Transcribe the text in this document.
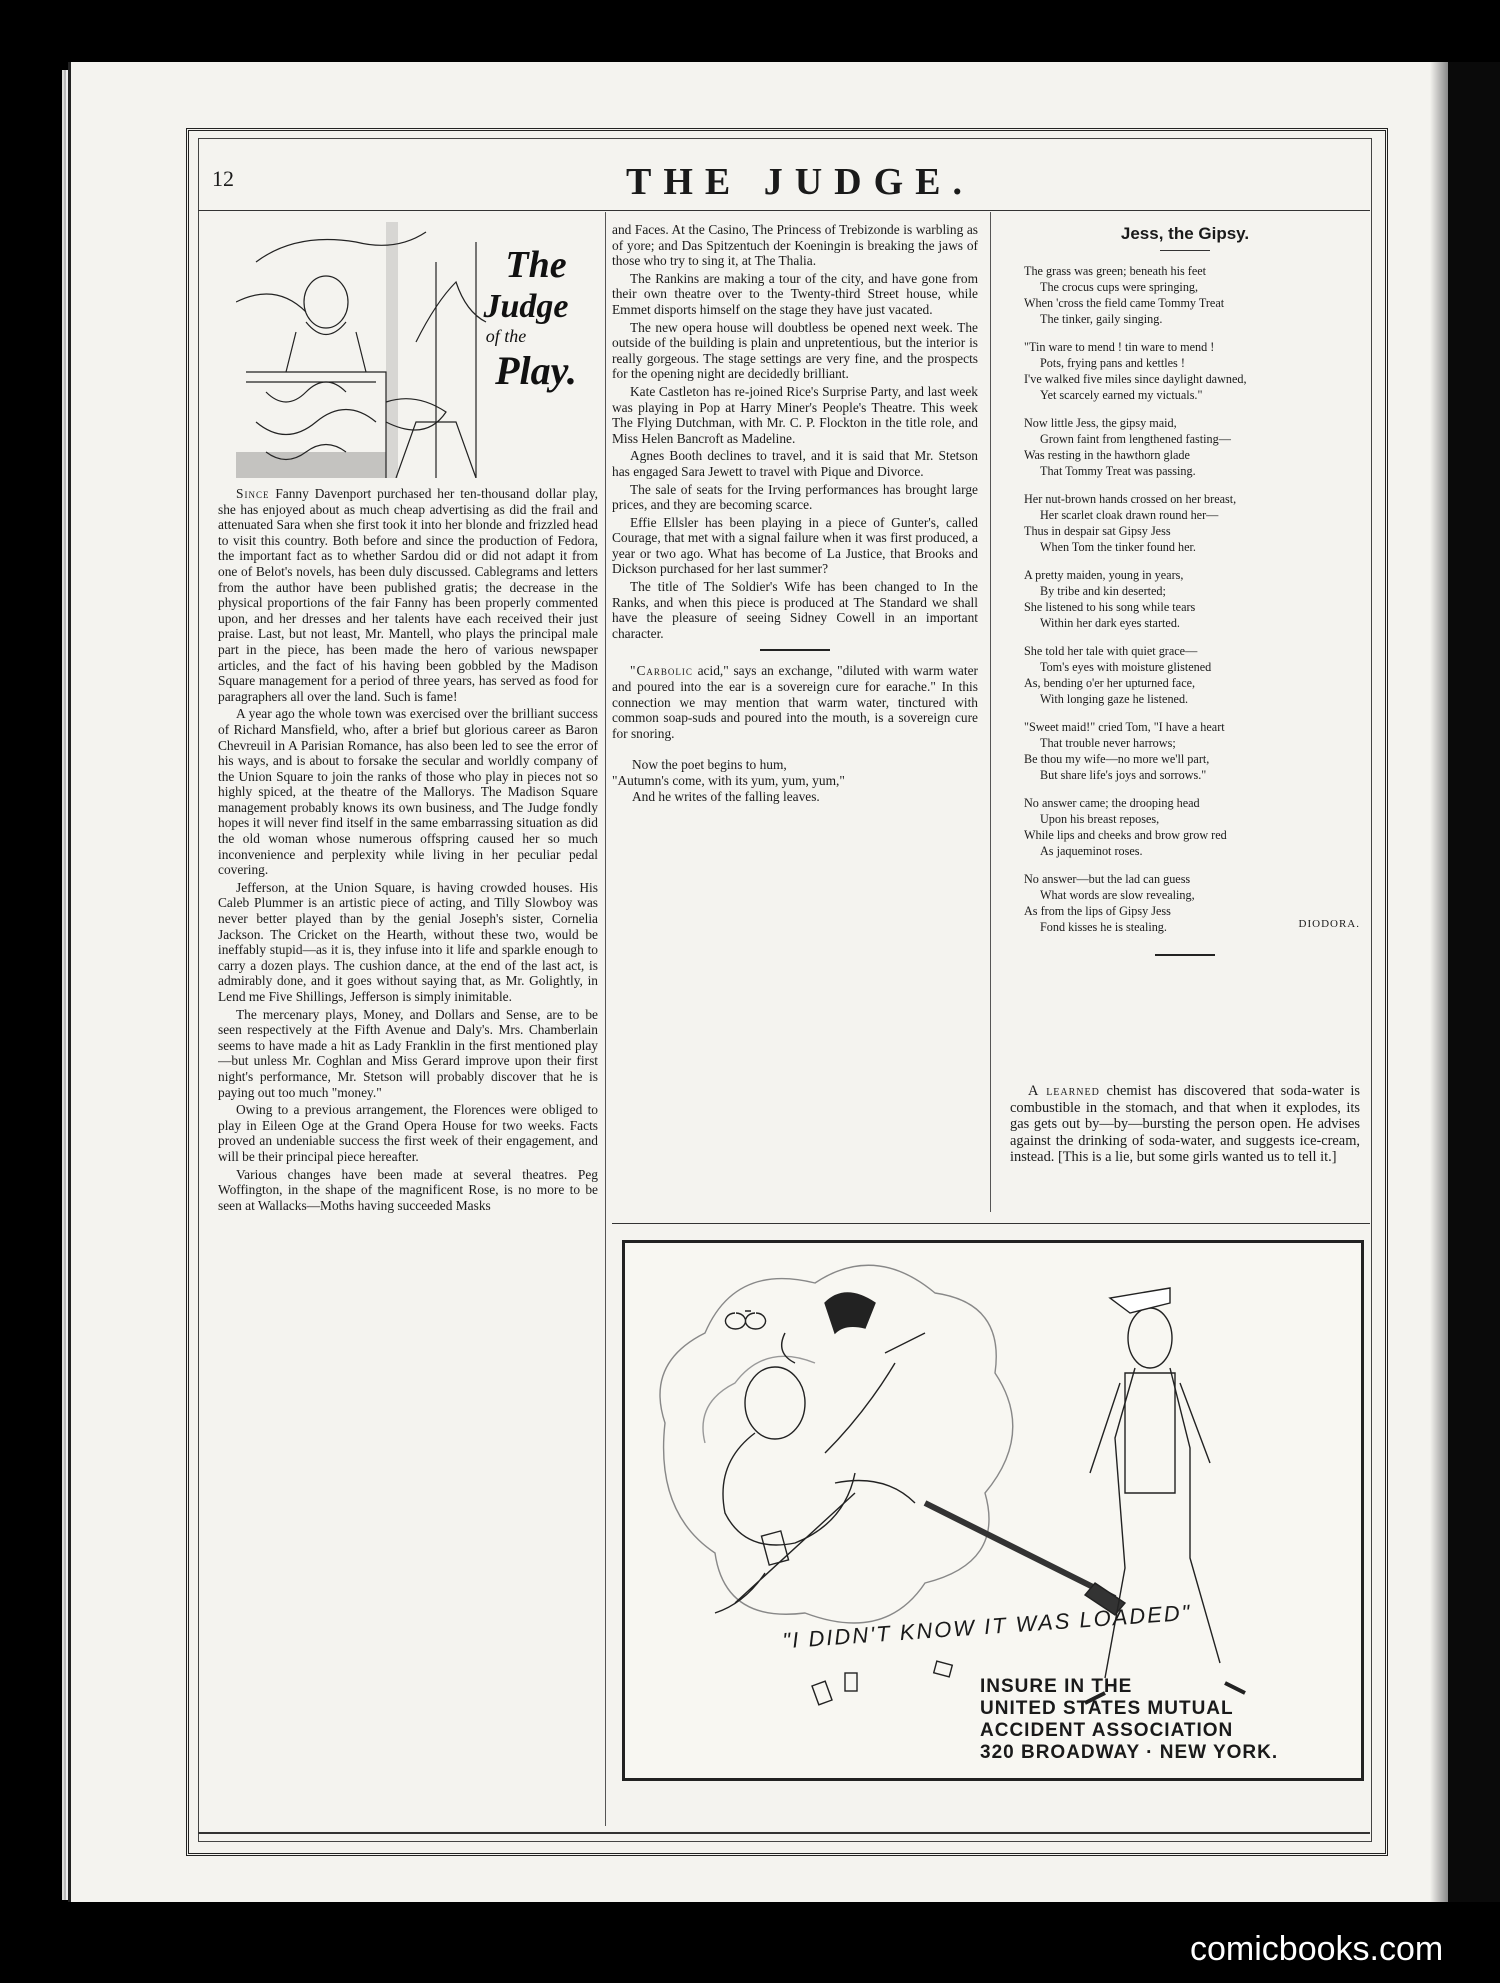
12	THE JUDGE.
The
Judge
of the
Play.

Since Fanny Davenport purchased her ten-thousand dollar play, she has enjoyed about as much cheap advertising as did the frail and attenuated Sara when she first took it into her blonde and frizzled head to visit this country. Both before and since the production of Fedora, the important fact as to whether Sardou did or did not adapt it from one of Belot's novels, has been duly discussed. Cablegrams and letters from the author have been published gratis; the decrease in the physical proportions of the fair Fanny has been properly commented upon, and her dresses and her talents have each received their just praise. Last, but not least, Mr. Mantell, who plays the principal male part in the piece, has been made the hero of various newspaper articles, and the fact of his having been gobbled by the Madison Square management for a period of three years, has served as food for paragraphers all over the land. Such is fame!

A year ago the whole town was exercised over the brilliant success of Richard Mansfield, who, after a brief but glorious career as Baron Chevreuil in A Parisian Romance, has also been led to see the error of his ways, and is about to forsake the secular and worldly company of the Union Square to join the ranks of those who play in pieces not so highly spiced, at the theatre of the Mallorys. The Madison Square management probably knows its own business, and The Judge fondly hopes it will never find itself in the same embarrassing situation as did the old woman whose numerous offspring caused her so much inconvenience and perplexity while living in her peculiar pedal covering.

Jefferson, at the Union Square, is having crowded houses. His Caleb Plummer is an artistic piece of acting, and Tilly Slowboy was never better played than by the genial Joseph's sister, Cornelia Jackson. The Cricket on the Hearth, without these two, would be ineffably stupid—as it is, they infuse into it life and sparkle enough to carry a dozen plays. The cushion dance, at the end of the last act, is admirably done, and it goes without saying that, as Mr. Golightly, in Lend me Five Shillings, Jefferson is simply inimitable.

The mercenary plays, Money, and Dollars and Sense, are to be seen respectively at the Fifth Avenue and Daly's. Mrs. Chamberlain seems to have made a hit as Lady Franklin in the first mentioned play—but unless Mr. Coghlan and Miss Gerard improve upon their first night's performance, Mr. Stetson will probably discover that he is paying out too much "money."

Owing to a previous arrangement, the Florences were obliged to play in Eileen Oge at the Grand Opera House for two weeks. Facts proved an undeniable success the first week of their engagement, and will be their principal piece hereafter.

Various changes have been made at several theatres. Peg Woffington, in the shape of the magnificent Rose, is no more to be seen at Wallacks—Moths having succeeded Masks

and Faces. At the Casino, The Princess of Trebizonde is warbling as of yore; and Das Spitzentuch der Koeningin is breaking the jaws of those who try to sing it, at The Thalia.

The Rankins are making a tour of the city, and have gone from their own theatre over to the Twenty-third Street house, while Emmet disports himself on the stage they have just vacated.

The new opera house will doubtless be opened next week. The outside of the building is plain and unpretentious, but the interior is really gorgeous. The stage settings are very fine, and the prospects for the opening night are decidedly brilliant.

Kate Castleton has re-joined Rice's Surprise Party, and last week was playing in Pop at Harry Miner's People's Theatre. This week The Flying Dutchman, with Mr. C. P. Flockton in the title role, and Miss Helen Bancroft as Madeline.

Agnes Booth declines to travel, and it is said that Mr. Stetson has engaged Sara Jewett to travel with Pique and Divorce.

The sale of seats for the Irving performances has brought large prices, and they are becoming scarce.

Effie Ellsler has been playing in a piece of Gunter's, called Courage, that met with a signal failure when it was first produced, a year or two ago. What has become of La Justice, that Brooks and Dickson purchased for her last summer?

The title of The Soldier's Wife has been changed to In the Ranks, and when this piece is produced at The Standard we shall have the pleasure of seeing Sidney Cowell in an important character.

"Carbolic acid," says an exchange, "diluted with warm water and poured into the ear is a sovereign cure for earache." In this connection we may mention that warm water, tinctured with common soap-suds and poured into the mouth, is a sovereign cure for snoring.

Now the poet begins to hum,
"Autumn's come, with its yum, yum, yum,"
And he writes of the falling leaves.
Jess, the Gipsy.
The grass was green; beneath his feet
The crocus cups were springing,
When 'cross the field came Tommy Treat
The tinker, gaily singing.
"Tin ware to mend ! tin ware to mend !
Pots, frying pans and kettles !
I've walked five miles since daylight dawned,
Yet scarcely earned my victuals."
Now little Jess, the gipsy maid,
Grown faint from lengthened fasting—
Was resting in the hawthorn glade
That Tommy Treat was passing.
Her nut-brown hands crossed on her breast,
Her scarlet cloak drawn round her—
Thus in despair sat Gipsy Jess
When Tom the tinker found her.
A pretty maiden, young in years,
By tribe and kin deserted;
She listened to his song while tears
Within her dark eyes started.
She told her tale with quiet grace—
Tom's eyes with moisture glistened
As, bending o'er her upturned face,
With longing gaze he listened.
"Sweet maid!" cried Tom, "I have a heart
That trouble never harrows;
Be thou my wife—no more we'll part,
But share life's joys and sorrows."
No answer came; the drooping head
Upon his breast reposes,
While lips and cheeks and brow grow red
As jaqueminot roses.
No answer—but the lad can guess
What words are slow revealing,
As from the lips of Gipsy Jess
Fond kisses he is stealing.	DIODORA.

A learned chemist has discovered that soda-water is combustible in the stomach, and that when it explodes, its gas gets out by—by—bursting the person open. He advises against the drinking of soda-water, and suggests ice-cream, instead. [This is a lie, but some girls wanted us to tell it.]

"I DIDN'T KNOW IT WAS LOADED"
INSURE IN THE
UNITED STATES MUTUAL
ACCIDENT ASSOCIATION
320 BROADWAY · NEW YORK.
comicbooks.com
